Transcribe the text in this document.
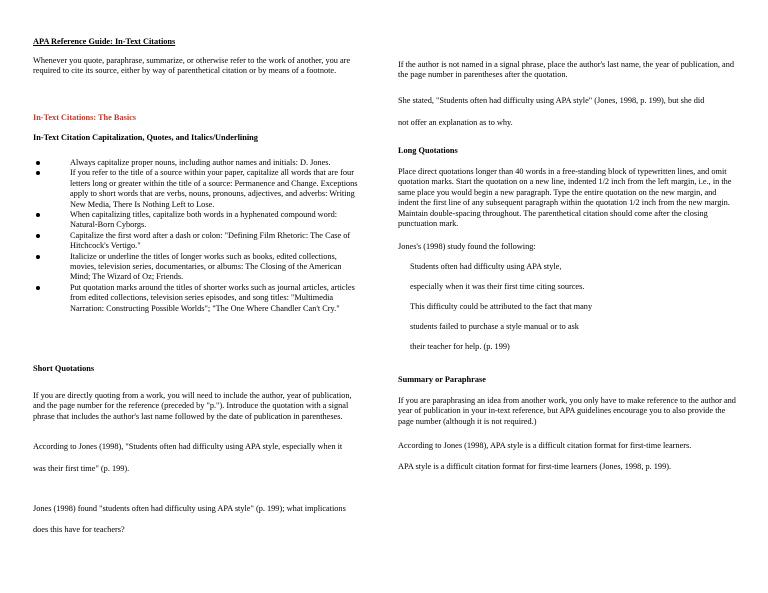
APA Reference Guide: In-Text Citations

Whenever you quote, paraphrase, summarize, or otherwise refer to the work of another, you are required to cite its source, either by way of parenthetical citation or by means of a footnote.

In-Text Citations: The Basics

In-Text Citation Capitalization, Quotes, and Italics/Underlining

Always capitalize proper nouns, including author names and initials: D. Jones.
If you refer to the title of a source within your paper, capitalize all words that are four letters long or greater within the title of a source: Permanence and Change. Exceptions apply to short words that are verbs, nouns, pronouns, adjectives, and adverbs: Writing New Media, There Is Nothing Left to Lose.
When capitalizing titles, capitalize both words in a hyphenated compound word: Natural-Born Cyborgs.
Capitalize the first word after a dash or colon: "Defining Film Rhetoric: The Case of Hitchcock's Vertigo."
Italicize or underline the titles of longer works such as books, edited collections, movies, television series, documentaries, or albums: The Closing of the American Mind; The Wizard of Oz; Friends.
Put quotation marks around the titles of shorter works such as journal articles, articles from edited collections, television series episodes, and song titles: "Multimedia Narration: Constructing Possible Worlds"; "The One Where Chandler Can't Cry."

Short Quotations

If you are directly quoting from a work, you will need to include the author, year of publication, and the page number for the reference (preceded by "p."). Introduce the quotation with a signal phrase that includes the author's last name followed by the date of publication in parentheses.

According to Jones (1998), "Students often had difficulty using APA style, especially when it

was their first time" (p. 199).

Jones (1998) found "students often had difficulty using APA style" (p. 199); what implications

does this have for teachers?

If the author is not named in a signal phrase, place the author's last name, the year of publication, and the page number in parentheses after the quotation.

She stated, "Students often had difficulty using APA style" (Jones, 1998, p. 199), but she did

not offer an explanation as to why.

Long Quotations

Place direct quotations longer than 40 words in a free-standing block of typewritten lines, and omit quotation marks. Start the quotation on a new line, indented 1/2 inch from the left margin, i.e., in the same place you would begin a new paragraph. Type the entire quotation on the new margin, and indent the first line of any subsequent paragraph within the quotation 1/2 inch from the new margin. Maintain double-spacing throughout. The parenthetical citation should come after the closing punctuation mark.

Jones's (1998) study found the following:

Students often had difficulty using APA style,

especially when it was their first time citing sources.

This difficulty could be attributed to the fact that many

students failed to purchase a style manual or to ask

their teacher for help. (p. 199)

Summary or Paraphrase

If you are paraphrasing an idea from another work, you only have to make reference to the author and year of publication in your in-text reference, but APA guidelines encourage you to also provide the page number (although it is not required.)

According to Jones (1998), APA style is a difficult citation format for first-time learners.

APA style is a difficult citation format for first-time learners (Jones, 1998, p. 199).
